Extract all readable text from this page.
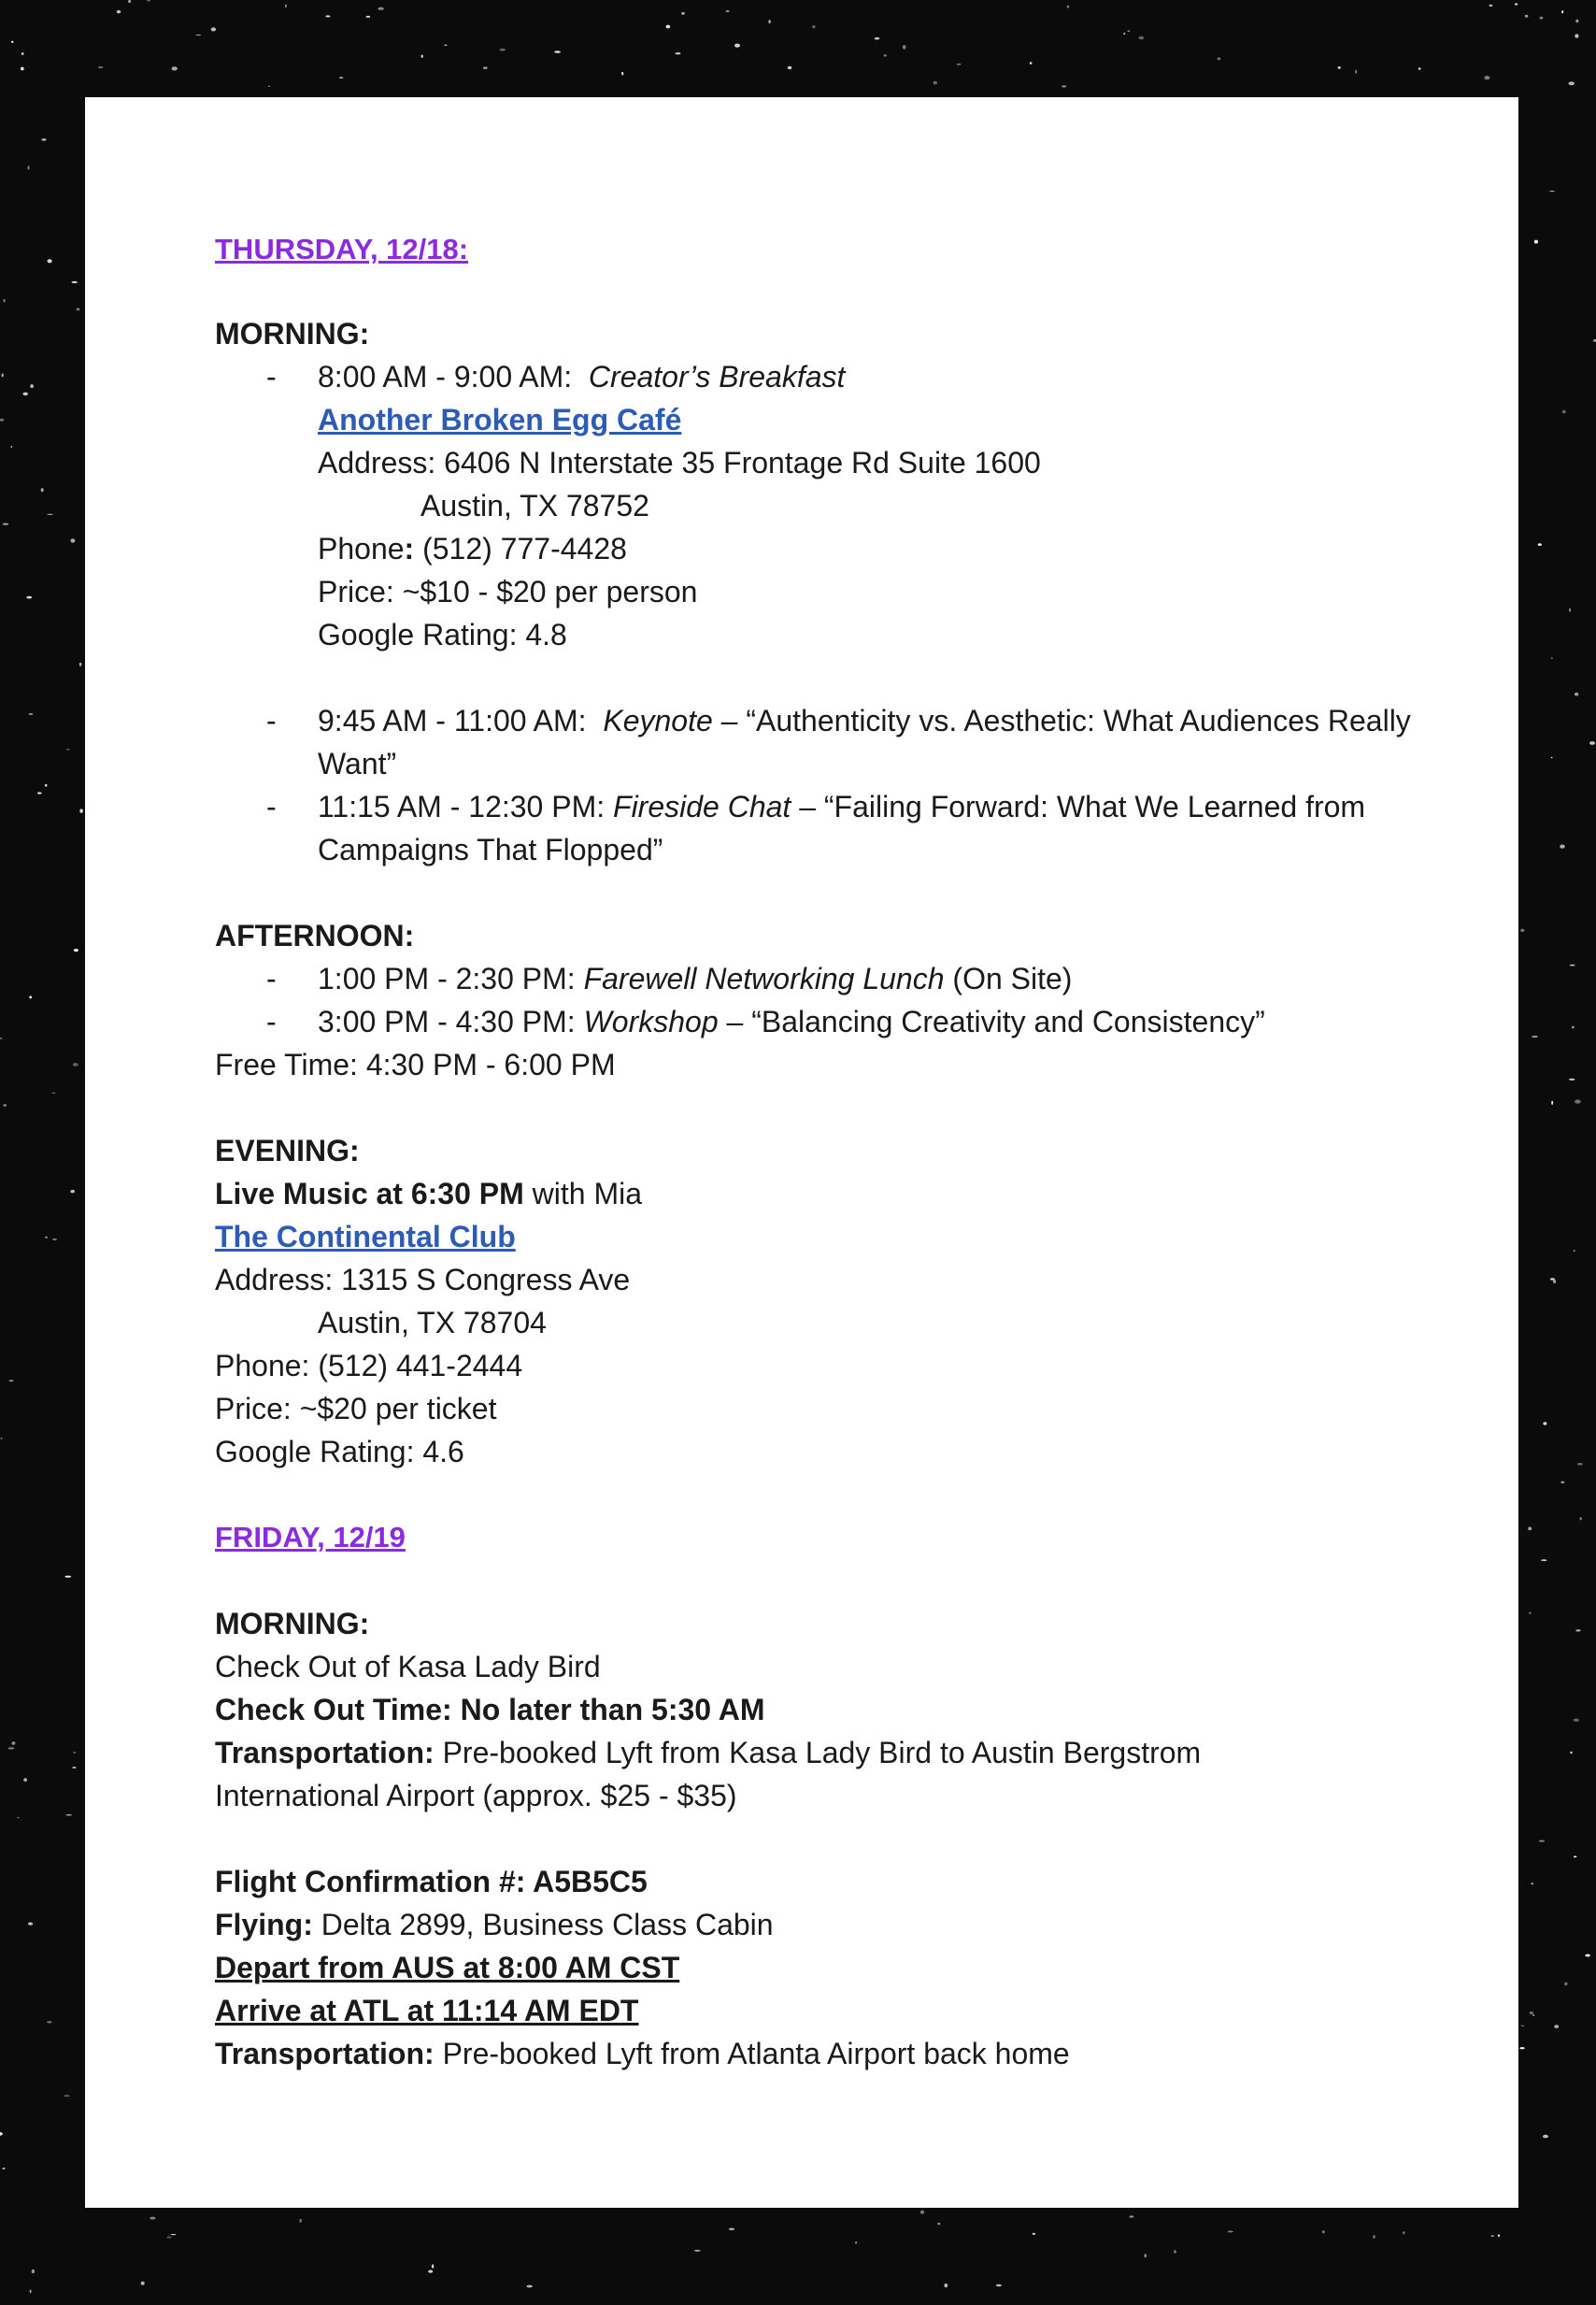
THURSDAY, 12/18:
MORNING:
- 8:00 AM - 9:00 AM: Creator’s Breakfast
Another Broken Egg Café
Address: 6406 N Interstate 35 Frontage Rd Suite 1600
Austin, TX 78752
Phone: (512) 777-4428
Price: ~$10 - $20 per person
Google Rating: 4.8
- 9:45 AM - 11:00 AM: Keynote – “Authenticity vs. Aesthetic: What Audiences Really Want”
- 11:15 AM - 12:30 PM: Fireside Chat – “Failing Forward: What We Learned from Campaigns That Flopped”
AFTERNOON:
- 1:00 PM - 2:30 PM: Farewell Networking Lunch (On Site)
- 3:00 PM - 4:30 PM: Workshop – “Balancing Creativity and Consistency”
Free Time: 4:30 PM - 6:00 PM
EVENING:
Live Music at 6:30 PM with Mia
The Continental Club
Address: 1315 S Congress Ave
Austin, TX 78704
Phone: (512) 441-2444
Price: ~$20 per ticket
Google Rating: 4.6
FRIDAY, 12/19
MORNING:
Check Out of Kasa Lady Bird
Check Out Time: No later than 5:30 AM
Transportation: Pre-booked Lyft from Kasa Lady Bird to Austin Bergstrom International Airport (approx. $25 - $35)
Flight Confirmation #: A5B5C5
Flying: Delta 2899, Business Class Cabin
Depart from AUS at 8:00 AM CST
Arrive at ATL at 11:14 AM EDT
Transportation: Pre-booked Lyft from Atlanta Airport back home
